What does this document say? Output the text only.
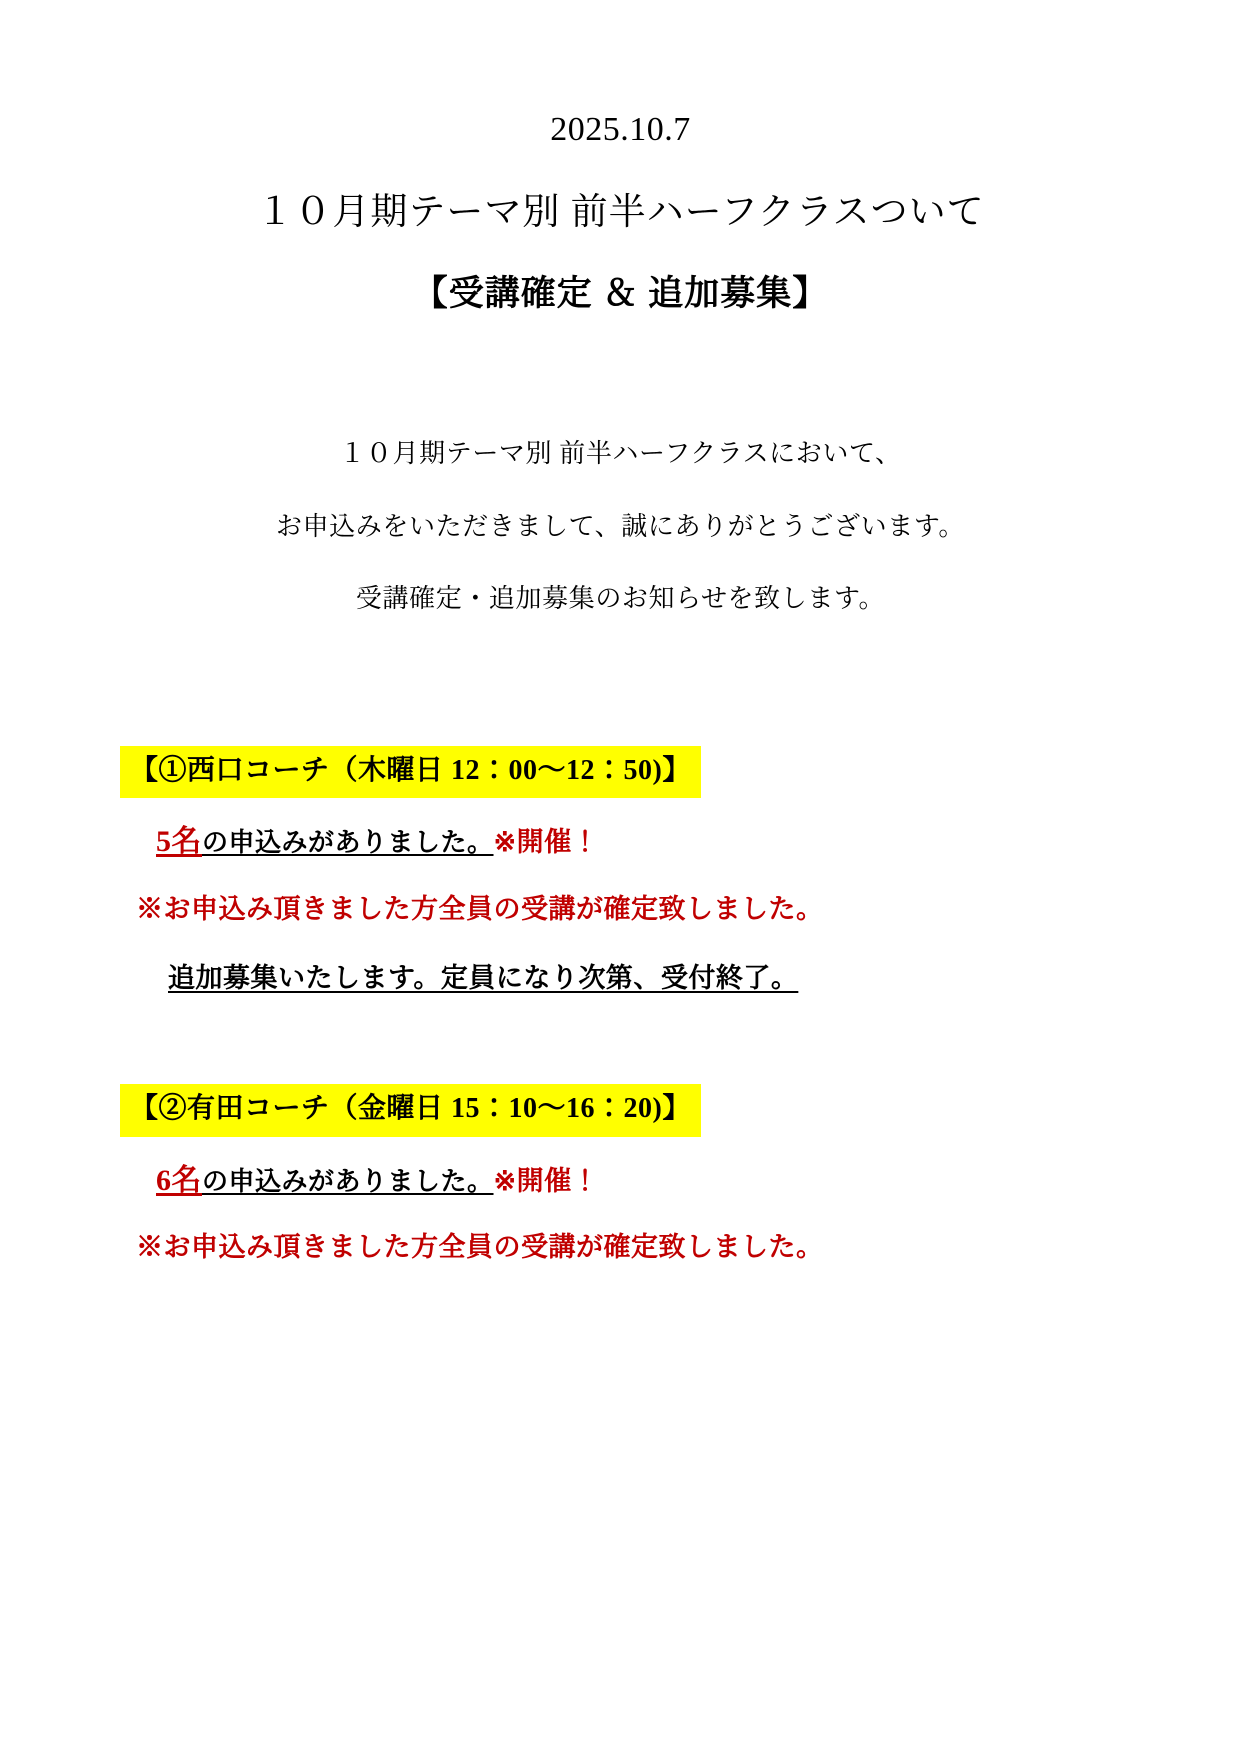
2025.10.7
１０月期テーマ別 前半ハーフクラスついて
【受講確定 ＆ 追加募集】

１０月期テーマ別 前半ハーフクラスにおいて、

お申込みをいただきまして、誠にありがとうございます。

受講確定・追加募集のお知らせを致します。

【①西口コーチ（木曜日 12：00〜12：50)】
5名の申込みがありました。※開催！
※お申込み頂きました方全員の受講が確定致しました。
追加募集いたします。定員になり次第、受付終了。
【②有田コーチ（金曜日 15：10〜16：20)】
6名の申込みがありました。※開催！
※お申込み頂きました方全員の受講が確定致しました。
